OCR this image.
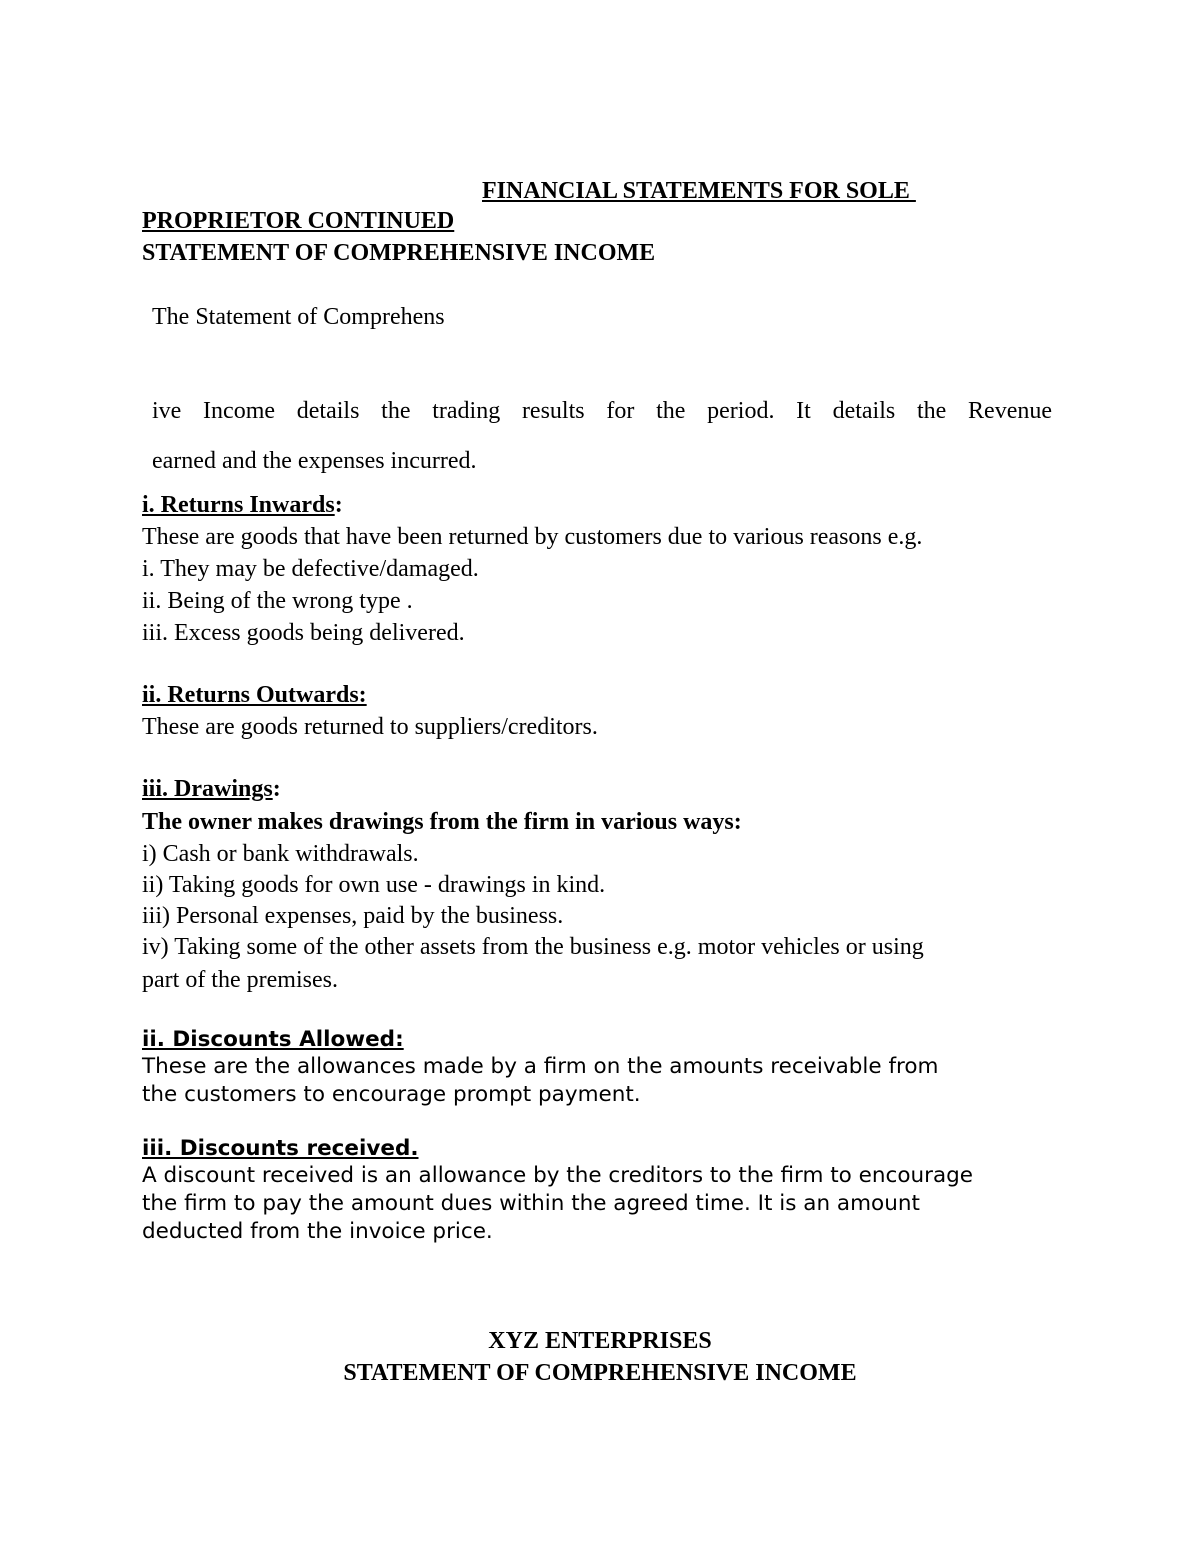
FINANCIAL STATEMENTS FOR SOLE
PROPRIETOR CONTINUED
STATEMENT OF COMPREHENSIVE INCOME
The Statement of Comprehens
ive Income details the trading results for the period. It details the Revenue
earned and the expenses incurred.
i. Returns Inwards:
These are goods that have been returned by customers due to various reasons e.g.
i. They may be defective/damaged.
ii. Being of the wrong type .
iii. Excess goods being delivered.
ii. Returns Outwards:
These are goods returned to suppliers/creditors.
iii. Drawings:
The owner makes drawings from the firm in various ways:
i) Cash or bank withdrawals.
ii) Taking goods for own use - drawings in kind.
iii) Personal expenses, paid by the business.
iv) Taking some of the other assets from the business e.g. motor vehicles or using
part of the premises.
ii. Discounts Allowed:
These are the allowances made by a firm on the amounts receivable from
the customers to encourage prompt payment.
iii. Discounts received.
A discount received is an allowance by the creditors to the firm to encourage
the firm to pay the amount dues within the agreed time. It is an amount
deducted from the invoice price.
XYZ ENTERPRISES
STATEMENT OF COMPREHENSIVE INCOME
